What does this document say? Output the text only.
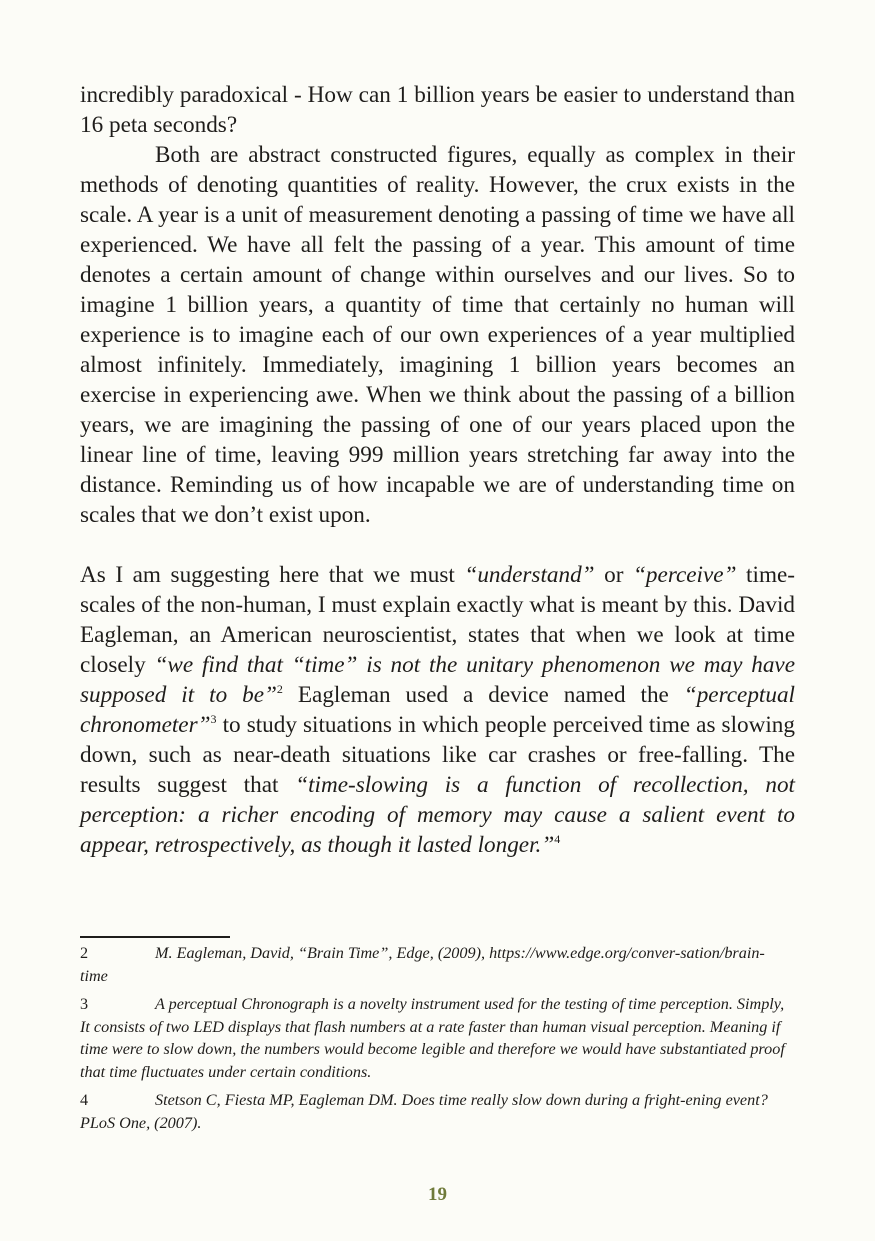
incredibly paradoxical - How can 1 billion years be easier to understand than 16 peta seconds?

Both are abstract constructed figures, equally as complex in their methods of denoting quantities of reality. However, the crux exists in the scale. A year is a unit of measurement denoting a passing of time we have all experienced. We have all felt the passing of a year. This amount of time denotes a certain amount of change within ourselves and our lives. So to imagine 1 billion years, a quantity of time that certainly no human will experience is to imagine each of our own experiences of a year multiplied almost infinitely. Immediately, imagining 1 billion years becomes an exercise in experiencing awe. When we think about the passing of a billion years, we are imagining the passing of one of our years placed upon the linear line of time, leaving 999 million years stretching far away into the distance. Reminding us of how incapable we are of understanding time on scales that we don’t exist upon.

As I am suggesting here that we must “understand” or “perceive” time-scales of the non-human, I must explain exactly what is meant by this. David Eagleman, an American neuroscientist, states that when we look at time closely “we find that “time” is not the unitary phenomenon we may have supposed it to be”$^2$ Eagleman used a device named the “perceptual chronometer”$^3$ to study situations in which people perceived time as slowing down, such as near-death situations like car crashes or free-falling. The results suggest that “time-slowing is a function of recollection, not perception: a richer encoding of memory may cause a salient event to appear, retrospectively, as though it lasted longer.”$^4$

2	M. Eagleman, David, “Brain Time”, Edge, (2009), https://www.edge.org/conver-sation/brain-time

3	A perceptual Chronograph is a novelty instrument used for the testing of time perception. Simply, It consists of two LED displays that flash numbers at a rate faster than human visual perception. Meaning if time were to slow down, the numbers would become legible and therefore we would have substantiated proof that time fluctuates under certain conditions.

4	Stetson C, Fiesta MP, Eagleman DM. Does time really slow down during a fright-ening event? PLoS One, (2007).

19
